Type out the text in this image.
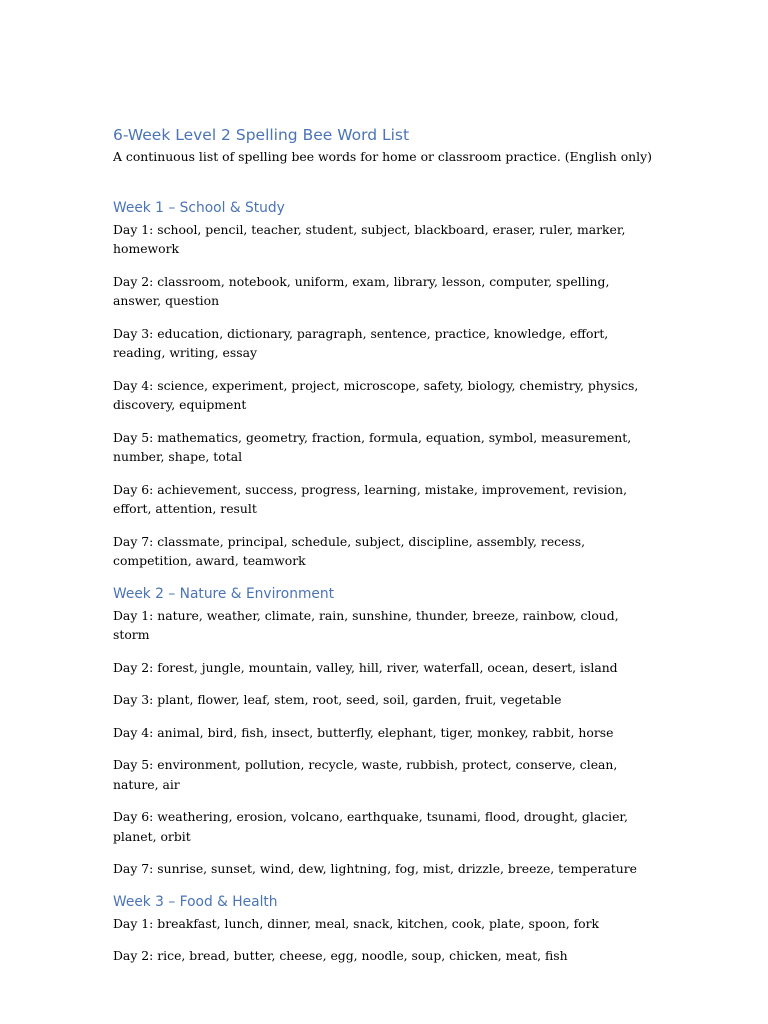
6-Week Level 2 Spelling Bee Word List

A continuous list of spelling bee words for home or classroom practice. (English only)

Week 1 – School & Study

Day 1: school, pencil, teacher, student, subject, blackboard, eraser, ruler, marker, homework

Day 2: classroom, notebook, uniform, exam, library, lesson, computer, spelling, answer, question

Day 3: education, dictionary, paragraph, sentence, practice, knowledge, effort, reading, writing, essay

Day 4: science, experiment, project, microscope, safety, biology, chemistry, physics, discovery, equipment

Day 5: mathematics, geometry, fraction, formula, equation, symbol, measurement, number, shape, total

Day 6: achievement, success, progress, learning, mistake, improvement, revision, effort, attention, result

Day 7: classmate, principal, schedule, subject, discipline, assembly, recess, competition, award, teamwork

Week 2 – Nature & Environment

Day 1: nature, weather, climate, rain, sunshine, thunder, breeze, rainbow, cloud, storm

Day 2: forest, jungle, mountain, valley, hill, river, waterfall, ocean, desert, island

Day 3: plant, flower, leaf, stem, root, seed, soil, garden, fruit, vegetable

Day 4: animal, bird, fish, insect, butterfly, elephant, tiger, monkey, rabbit, horse

Day 5: environment, pollution, recycle, waste, rubbish, protect, conserve, clean, nature, air

Day 6: weathering, erosion, volcano, earthquake, tsunami, flood, drought, glacier, planet, orbit

Day 7: sunrise, sunset, wind, dew, lightning, fog, mist, drizzle, breeze, temperature

Week 3 – Food & Health

Day 1: breakfast, lunch, dinner, meal, snack, kitchen, cook, plate, spoon, fork

Day 2: rice, bread, butter, cheese, egg, noodle, soup, chicken, meat, fish
